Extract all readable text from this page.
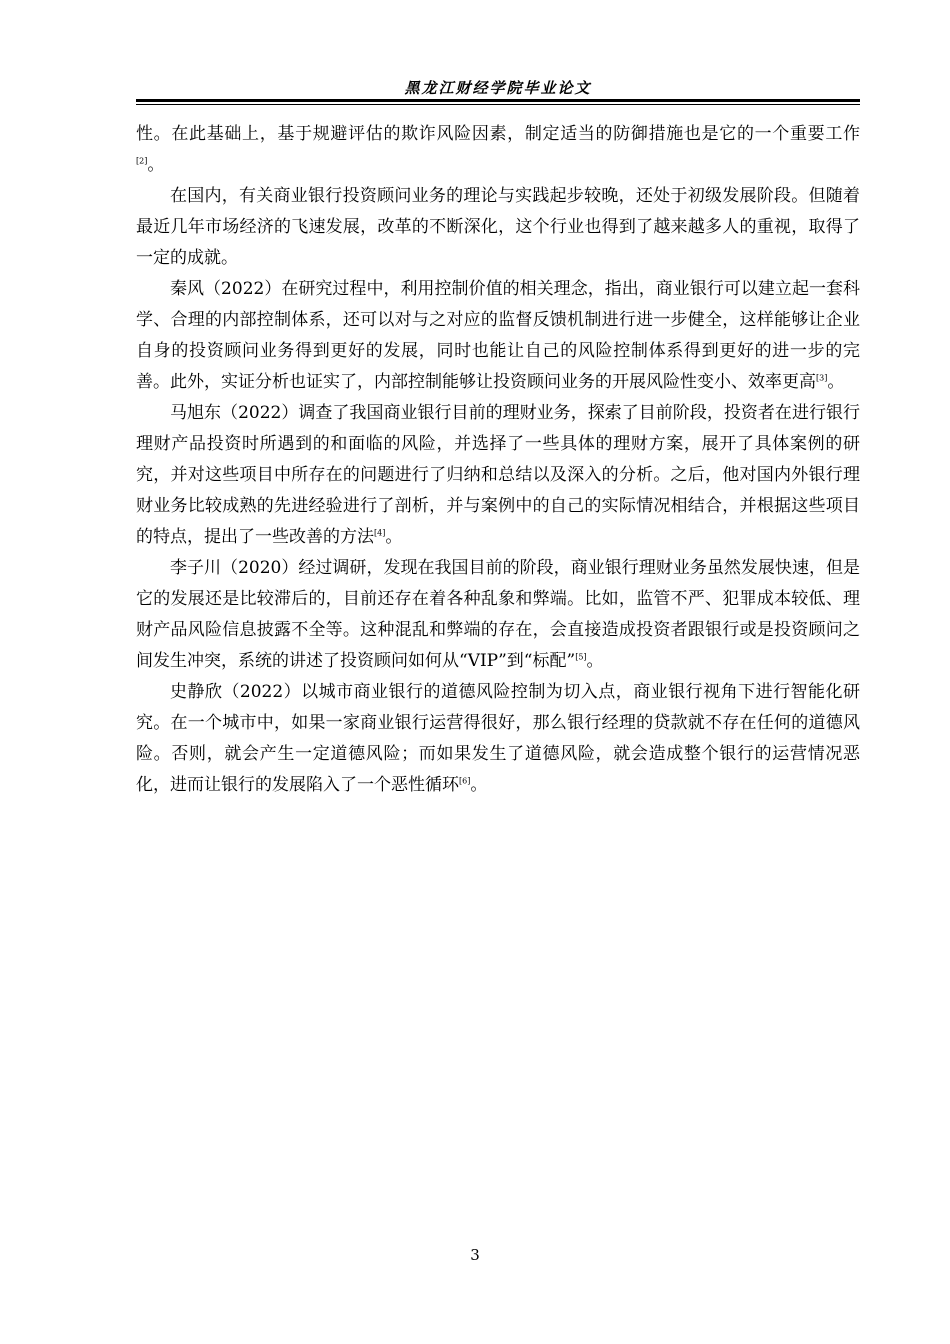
黑龙江财经学院毕业论文

性。在此基础上，基于规避评估的欺诈风险因素，制定适当的防御措施也是它的一个重要工作[2]。

在国内，有关商业银行投资顾问业务的理论与实践起步较晚，还处于初级发展阶段。但随着最近几年市场经济的飞速发展，改革的不断深化，这个行业也得到了越来越多人的重视，取得了一定的成就。

秦风（2022）在研究过程中，利用控制价值的相关理念，指出，商业银行可以建立起一套科学、合理的内部控制体系，还可以对与之对应的监督反馈机制进行进一步健全，这样能够让企业自身的投资顾问业务得到更好的发展，同时也能让自己的风险控制体系得到更好的进一步的完善。此外，实证分析也证实了，内部控制能够让投资顾问业务的开展风险性变小、效率更高[3]。

马旭东（2022）调查了我国商业银行目前的理财业务，探索了目前阶段，投资者在进行银行理财产品投资时所遇到的和面临的风险，并选择了一些具体的理财方案，展开了具体案例的研究，并对这些项目中所存在的问题进行了归纳和总结以及深入的分析。之后，他对国内外银行理财业务比较成熟的先进经验进行了剖析，并与案例中的自己的实际情况相结合，并根据这些项目的特点，提出了一些改善的方法[4]。

李子川（2020）经过调研，发现在我国目前的阶段，商业银行理财业务虽然发展快速，但是它的发展还是比较滞后的，目前还存在着各种乱象和弊端。比如，监管不严、犯罪成本较低、理财产品风险信息披露不全等。这种混乱和弊端的存在，会直接造成投资者跟银行或是投资顾问之间发生冲突，系统的讲述了投资顾问如何从“VIP”到“标配”[5]。

史静欣（2022）以城市商业银行的道德风险控制为切入点，商业银行视角下进行智能化研究。在一个城市中，如果一家商业银行运营得很好，那么银行经理的贷款就不存在任何的道德风险。否则，就会产生一定道德风险；而如果发生了道德风险，就会造成整个银行的运营情况恶化，进而让银行的发展陷入了一个恶性循环[6]。

3
